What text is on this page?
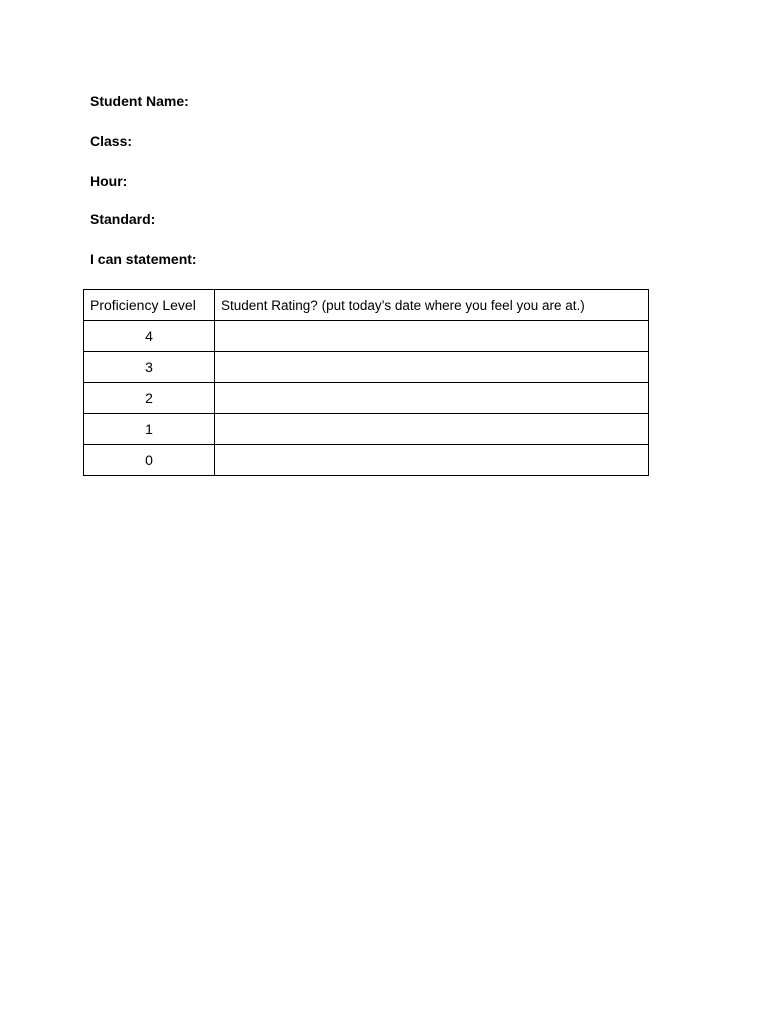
Student Name:

Class:

Hour:

Standard:

I can statement:

Proficiency Level	Student Rating? (put today’s date where you feel you are at.)
4	
3	
2	
1	
0	
